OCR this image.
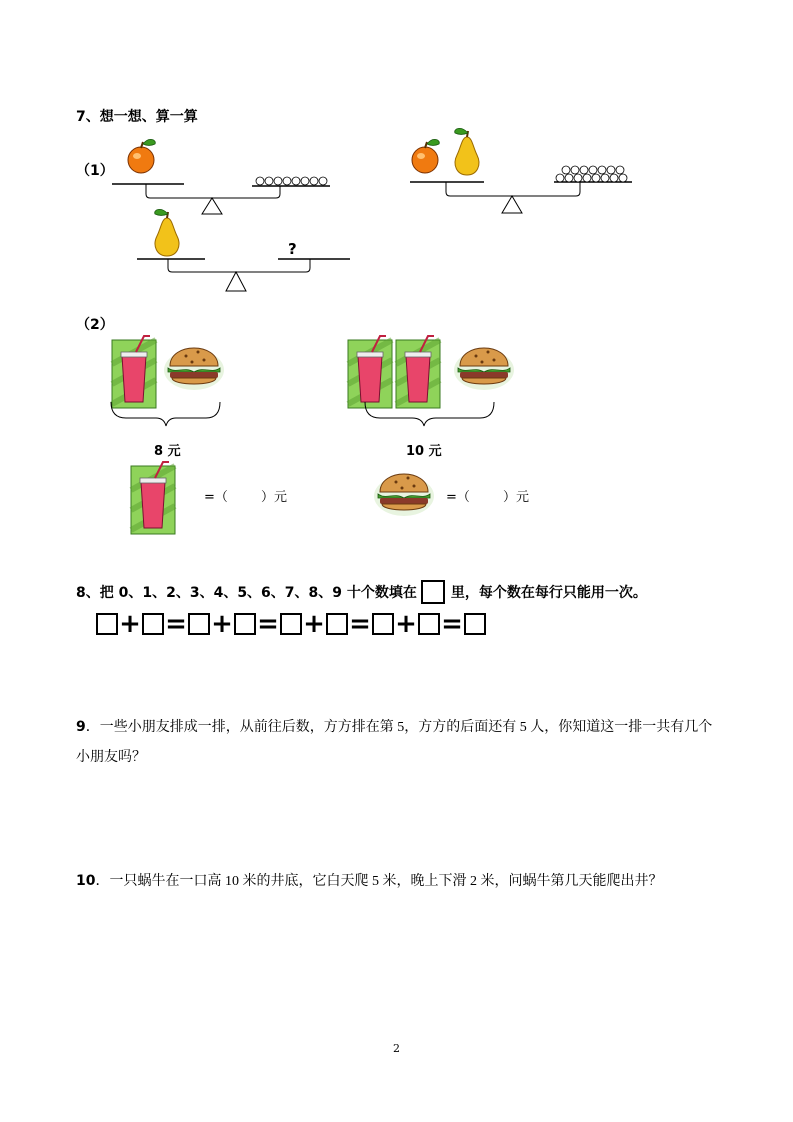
7、想一想、算一算
（1）
?
（2）
8 元	10 元
=（        ）元	=（        ）元
8、把 0、1、2、3、4、5、6、7、8、9 十个数填在 里，每个数在每行只能用一次。
+ = + = + = + =
9．一些小朋友排成一排，从前往后数，方方排在第 5，方方的后面还有 5 人，你知道这一排一共有几个小朋友吗？
10．一只蜗牛在一口高 10 米的井底，它白天爬 5 米，晚上下滑 2 米，问蜗牛第几天能爬出井？
2
